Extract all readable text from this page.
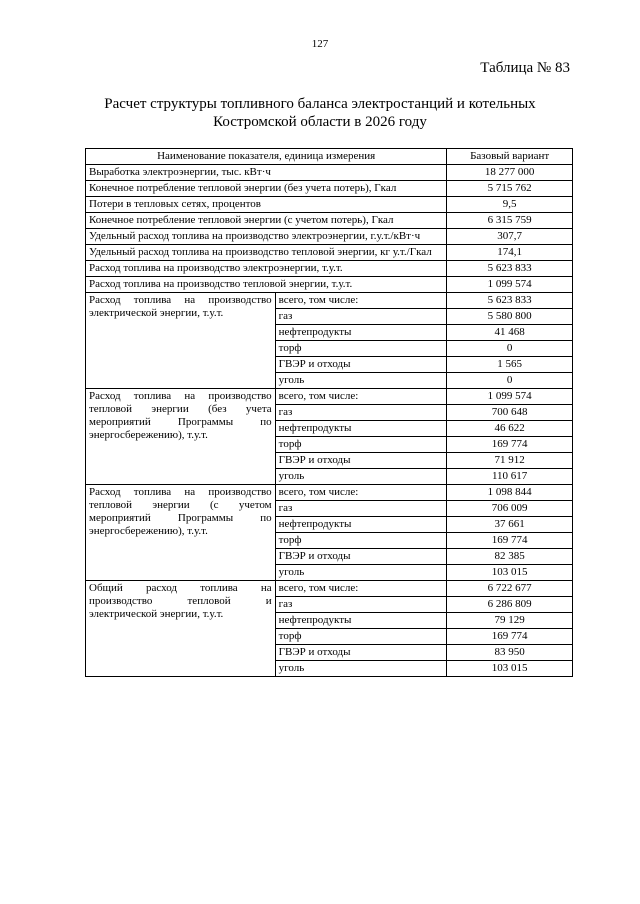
127
Таблица № 83
Расчет структуры топливного баланса электростанций и котельных
Костромской области в 2026 году
Наименование показателя, единица измерения		Базовый вариант
Выработка электроэнергии, тыс. кВт·ч		18 277 000
Конечное потребление тепловой энергии (без учета потерь), Гкал		5 715 762
Потери в тепловых сетях, процентов		9,5
Конечное потребление тепловой энергии (с учетом потерь), Гкал		6 315 759
Удельный расход топлива на производство электроэнергии, г.у.т./кВт·ч		307,7
Удельный расход топлива на производство тепловой энергии, кг у.т./Гкал		174,1
Расход топлива на производство электроэнергии, т.у.т.		5 623 833
Расход топлива на производство тепловой энергии, т.у.т.		1 099 574
Расход топлива на производство электрической энергии, т.у.т.	всего, том числе:	5 623 833
	газ	5 580 800
	нефтепродукты	41 468
	торф	0
	ГВЭР и отходы	1 565
	уголь	0
Расход топлива на производство тепловой энергии (без учета мероприятий Программы по энергосбережению), т.у.т.	всего, том числе:	1 099 574
	газ	700 648
	нефтепродукты	46 622
	торф	169 774
	ГВЭР и отходы	71 912
	уголь	110 617
Расход топлива на производство тепловой энергии (с учетом мероприятий Программы по энергосбережению), т.у.т.	всего, том числе:	1 098 844
	газ	706 009
	нефтепродукты	37 661
	торф	169 774
	ГВЭР и отходы	82 385
	уголь	103 015
Общий расход топлива на производство тепловой и электрической энергии, т.у.т.	всего, том числе:	6 722 677
	газ	6 286 809
	нефтепродукты	79 129
	торф	169 774
	ГВЭР и отходы	83 950
	уголь	103 015
